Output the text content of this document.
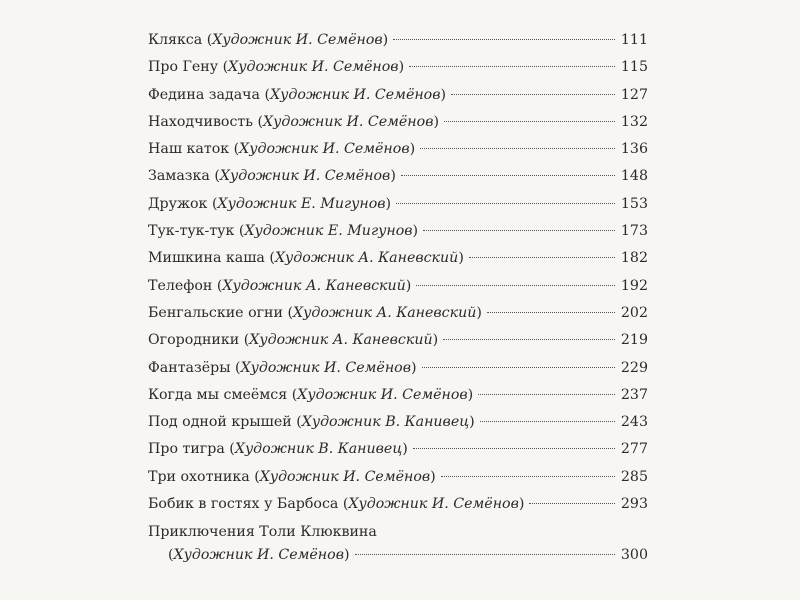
Клякса (Художник И. Семёнов)	111
Про Гену (Художник И. Семёнов)	115
Федина задача (Художник И. Семёнов)	127
Находчивость (Художник И. Семёнов)	132
Наш каток (Художник И. Семёнов)	136
Замазка (Художник И. Семёнов)	148
Дружок (Художник Е. Мигунов)	153
Тук-тук-тук (Художник Е. Мигунов)	173
Мишкина каша (Художник А. Каневский)	182
Телефон (Художник А. Каневский)	192
Бенгальские огни (Художник А. Каневский)	202
Огородники (Художник А. Каневский)	219
Фантазёры (Художник И. Семёнов)	229
Когда мы смеёмся (Художник И. Семёнов)	237
Под одной крышей (Художник В. Канивец)	243
Про тигра (Художник В. Канивец)	277
Три охотника (Художник И. Семёнов)	285
Бобик в гостях у Барбоса (Художник И. Семёнов)	293
Приключения Толи Клюквина
(Художник И. Семёнов)	300
